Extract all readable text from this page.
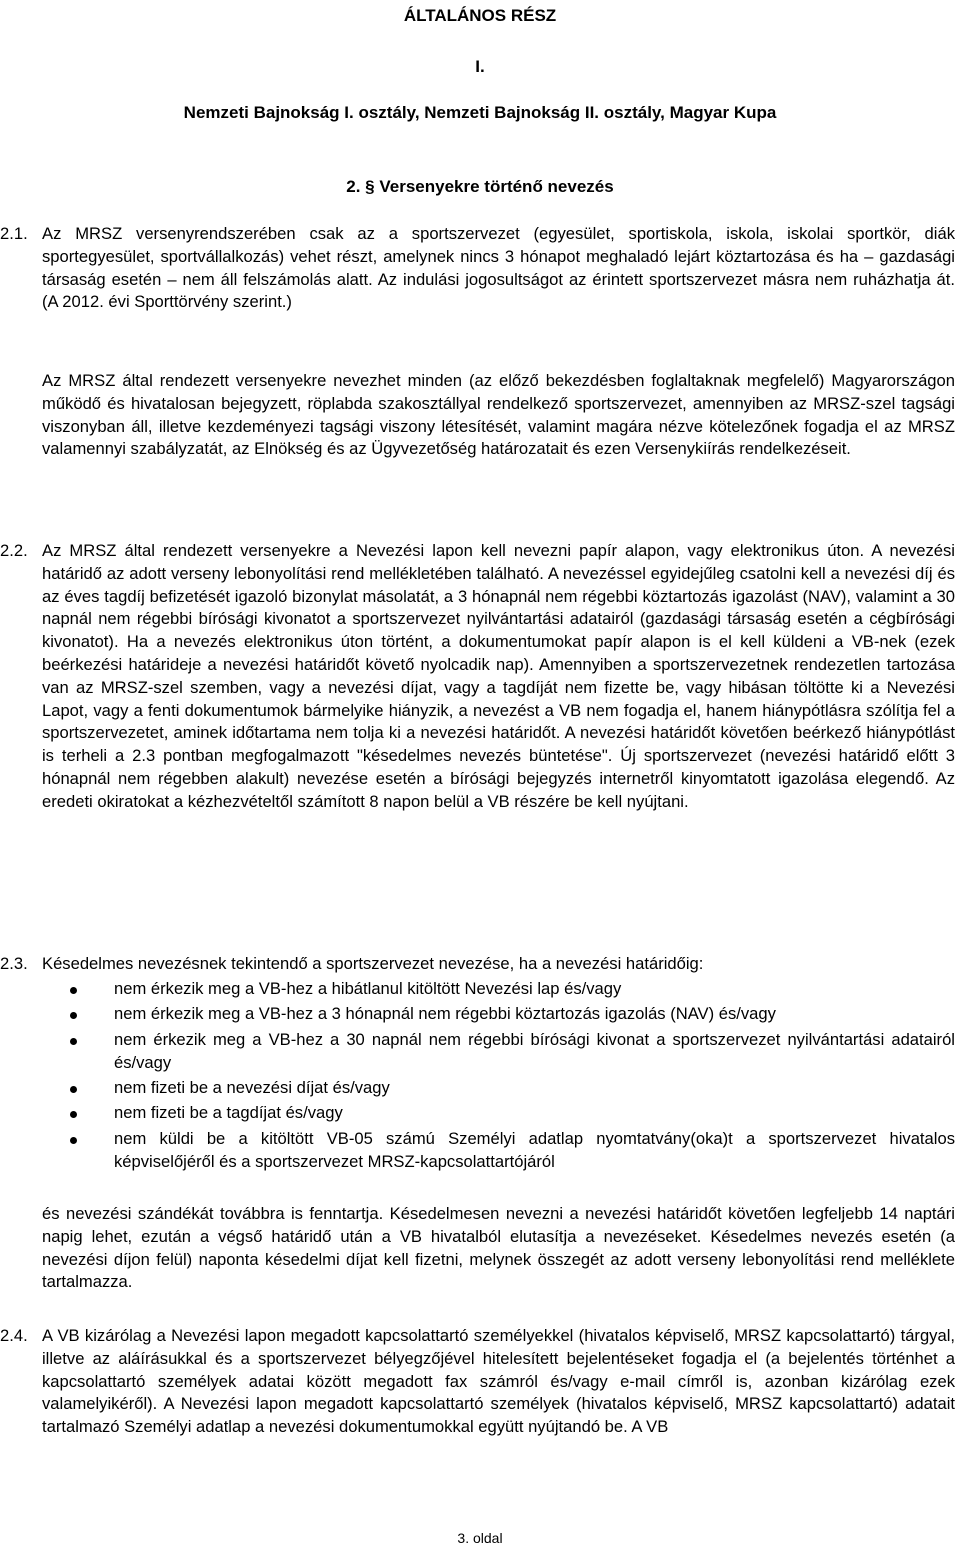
ÁLTALÁNOS RÉSZ
I.
Nemzeti Bajnokság I. osztály, Nemzeti Bajnokság II. osztály, Magyar Kupa
2. § Versenyekre történő nevezés
2.1. Az MRSZ versenyrendszerében csak az a sportszervezet (egyesület, sportiskola, iskola, iskolai sportkör, diák sportegyesület, sportvállalkozás) vehet részt, amelynek nincs 3 hónapot meghaladó lejárt köztartozása és ha – gazdasági társaság esetén – nem áll felszámolás alatt. Az indulási jogosultságot az érintett sportszervezet másra nem ruházhatja át. (A 2012. évi Sporttörvény szerint.)
Az MRSZ által rendezett versenyekre nevezhet minden (az előző bekezdésben foglaltaknak megfelelő) Magyarországon működő és hivatalosan bejegyzett, röplabda szakosztállyal rendelkező sportszervezet, amennyiben az MRSZ-szel tagsági viszonyban áll, illetve kezdeményezi tagsági viszony létesítését, valamint magára nézve kötelezőnek fogadja el az MRSZ valamennyi szabályzatát, az Elnökség és az Ügyvezetőség határozatait és ezen Versenykiírás rendelkezéseit.
2.2. Az MRSZ által rendezett versenyekre a Nevezési lapon kell nevezni papír alapon, vagy elektronikus úton. A nevezési határidő az adott verseny lebonyolítási rend mellékletében található. A nevezéssel egyidejűleg csatolni kell a nevezési díj és az éves tagdíj befizetését igazoló bizonylat másolatát, a 3 hónapnál nem régebbi köztartozás igazolást (NAV), valamint a 30 napnál nem régebbi bírósági kivonatot a sportszervezet nyilvántartási adatairól (gazdasági társaság esetén a cégbírósági kivonatot). Ha a nevezés elektronikus úton történt, a dokumentumokat papír alapon is el kell küldeni a VB-nek (ezek beérkezési határideje a nevezési határidőt követő nyolcadik nap). Amennyiben a sportszervezetnek rendezetlen tartozása van az MRSZ-szel szemben, vagy a nevezési díjat, vagy a tagdíját nem fizette be, vagy hibásan töltötte ki a Nevezési Lapot, vagy a fenti dokumentumok bármelyike hiányzik, a nevezést a VB nem fogadja el, hanem hiánypótlásra szólítja fel a sportszervezetet, aminek időtartama nem tolja ki a nevezési határidőt. A nevezési határidőt követően beérkező hiánypótlást is terheli a 2.3 pontban megfogalmazott "késedelmes nevezés büntetése". Új sportszervezet (nevezési határidő előtt 3 hónapnál nem régebben alakult) nevezése esetén a bírósági bejegyzés internetről kinyomtatott igazolása elegendő. Az eredeti okiratokat a kézhezvételtől számított 8 napon belül a VB részére be kell nyújtani.
2.3. Késedelmes nevezésnek tekintendő a sportszervezet nevezése, ha a nevezési határidőig:
nem érkezik meg a VB-hez a hibátlanul kitöltött Nevezési lap és/vagy
nem érkezik meg a VB-hez a 3 hónapnál nem régebbi köztartozás igazolás (NAV) és/vagy
nem érkezik meg a VB-hez a 30 napnál nem régebbi bírósági kivonat a sportszervezet nyilvántartási adatairól és/vagy
nem fizeti be a nevezési díjat és/vagy
nem fizeti be a tagdíjat és/vagy
nem küldi be a kitöltött VB-05 számú Személyi adatlap nyomtatvány(oka)t a sportszervezet hivatalos képviselőjéről és a sportszervezet MRSZ-kapcsolattartójáról
és nevezési szándékát továbbra is fenntartja. Késedelmesen nevezni a nevezési határidőt követően legfeljebb 14 naptári napig lehet, ezután a végső határidő után a VB hivatalból elutasítja a nevezéseket. Késedelmes nevezés esetén (a nevezési díjon felül) naponta késedelmi díjat kell fizetni, melynek összegét az adott verseny lebonyolítási rend melléklete tartalmazza.
2.4. A VB kizárólag a Nevezési lapon megadott kapcsolattartó személyekkel (hivatalos képviselő, MRSZ kapcsolattartó) tárgyal, illetve az aláírásukkal és a sportszervezet bélyegzőjével hitelesített bejelentéseket fogadja el (a bejelentés történhet a kapcsolattartó személyek adatai között megadott fax számról és/vagy e-mail címről is, azonban kizárólag ezek valamelyikéről). A Nevezési lapon megadott kapcsolattartó személyek (hivatalos képviselő, MRSZ kapcsolattartó) adatait tartalmazó Személyi adatlap a nevezési dokumentumokkal együtt nyújtandó be. A VB
3. oldal
